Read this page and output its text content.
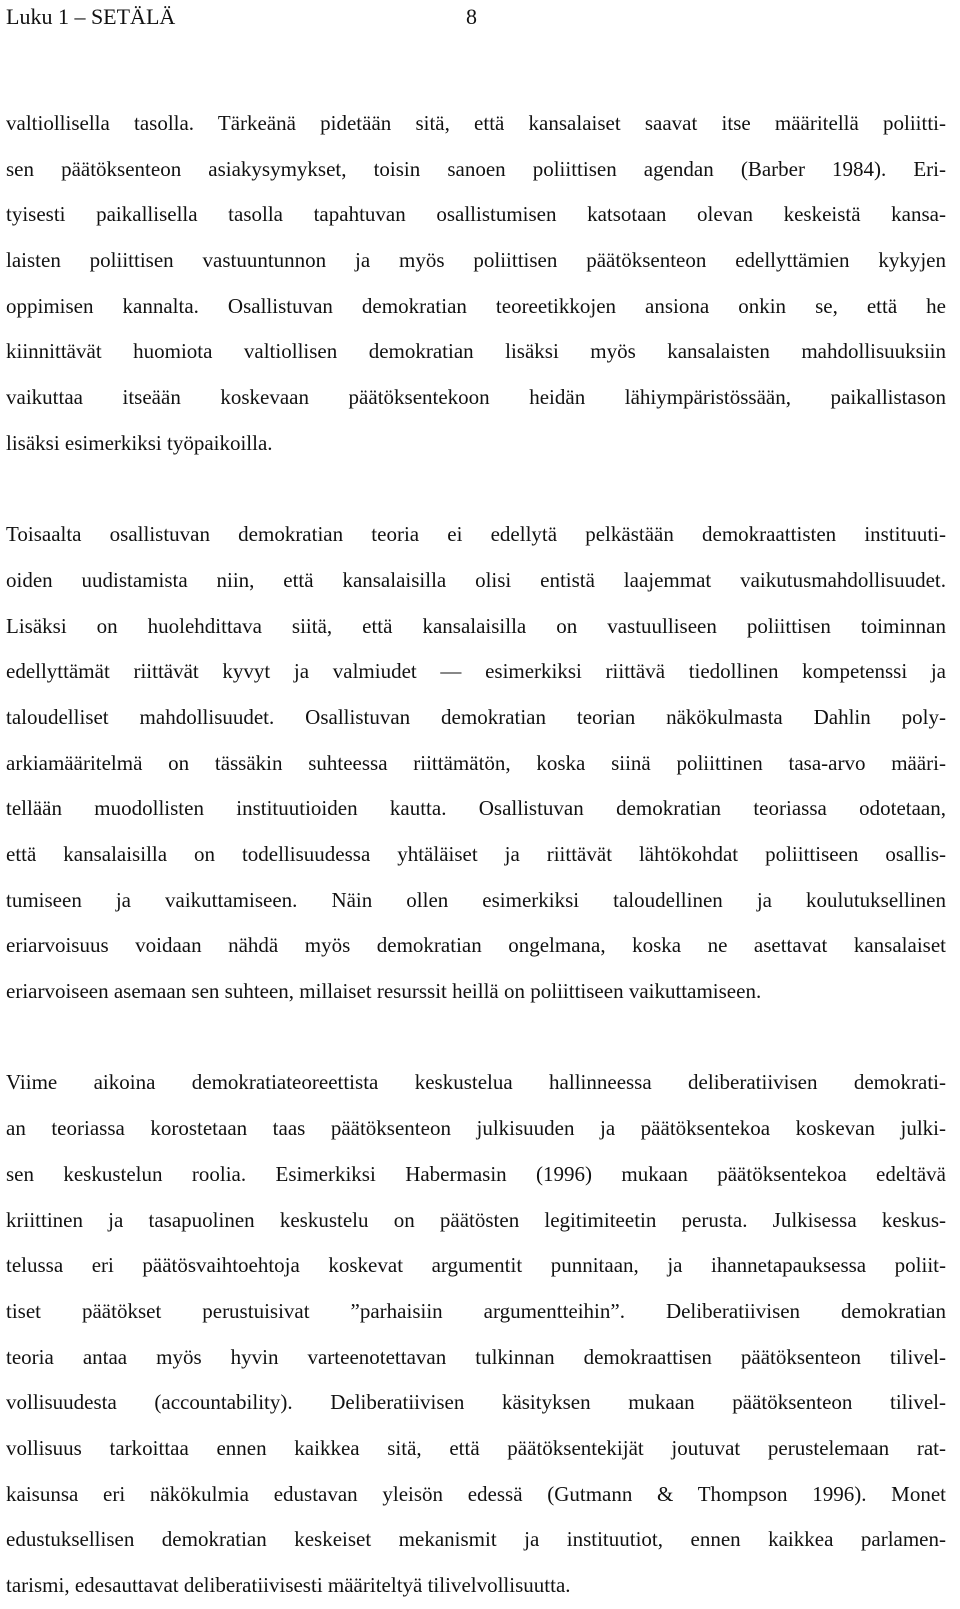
Luku 1 – SETÄLÄ	8
valtiollisella tasolla. Tärkeänä pidetään sitä, että kansalaiset saavat itse määritellä poliitti-
sen päätöksenteon asiakysymykset, toisin sanoen poliittisen agendan (Barber 1984). Eri-
tyisesti paikallisella tasolla tapahtuvan osallistumisen katsotaan olevan keskeistä kansa-
laisten poliittisen vastuuntunnon ja myös poliittisen päätöksenteon edellyttämien kykyjen
oppimisen kannalta. Osallistuvan demokratian teoreetikkojen ansiona onkin se, että he
kiinnittävät huomiota valtiollisen demokratian lisäksi myös kansalaisten mahdollisuuksiin
vaikuttaa itseään koskevaan päätöksentekoon heidän lähiympäristössään, paikallistason
lisäksi esimerkiksi työpaikoilla.
Toisaalta osallistuvan demokratian teoria ei edellytä pelkästään demokraattisten instituuti-
oiden uudistamista niin, että kansalaisilla olisi entistä laajemmat vaikutusmahdollisuudet.
Lisäksi on huolehdittava siitä, että kansalaisilla on vastuulliseen poliittisen toiminnan
edellyttämät riittävät kyvyt ja valmiudet — esimerkiksi riittävä tiedollinen kompetenssi ja
taloudelliset mahdollisuudet. Osallistuvan demokratian teorian näkökulmasta Dahlin poly-
arkiamääritelmä on tässäkin suhteessa riittämätön, koska siinä poliittinen tasa-arvo määri-
tellään muodollisten instituutioiden kautta. Osallistuvan demokratian teoriassa odotetaan,
että kansalaisilla on todellisuudessa yhtäläiset ja riittävät lähtökohdat poliittiseen osallis-
tumiseen ja vaikuttamiseen. Näin ollen esimerkiksi taloudellinen ja koulutuksellinen
eriarvoisuus voidaan nähdä myös demokratian ongelmana, koska ne asettavat kansalaiset
eriarvoiseen asemaan sen suhteen, millaiset resurssit heillä on poliittiseen vaikuttamiseen.
Viime aikoina demokratiateoreettista keskustelua hallinneessa deliberatiivisen demokrati-
an teoriassa korostetaan taas päätöksenteon julkisuuden ja päätöksentekoa koskevan julki-
sen keskustelun roolia. Esimerkiksi Habermasin (1996) mukaan päätöksentekoa edeltävä
kriittinen ja tasapuolinen keskustelu on päätösten legitimiteetin perusta. Julkisessa keskus-
telussa eri päätösvaihtoehtoja koskevat argumentit punnitaan, ja ihannetapauksessa poliit-
tiset päätökset perustuisivat ”parhaisiin argumentteihin”. Deliberatiivisen demokratian
teoria antaa myös hyvin varteenotettavan tulkinnan demokraattisen päätöksenteon tilivel-
vollisuudesta (accountability). Deliberatiivisen käsityksen mukaan päätöksenteon tilivel-
vollisuus tarkoittaa ennen kaikkea sitä, että päätöksentekijät joutuvat perustelemaan rat-
kaisunsa eri näkökulmia edustavan yleisön edessä (Gutmann & Thompson 1996). Monet
edustuksellisen demokratian keskeiset mekanismit ja instituutiot, ennen kaikkea parlamen-
tarismi, edesauttavat deliberatiivisesti määriteltyä tilivelvollisuutta.
